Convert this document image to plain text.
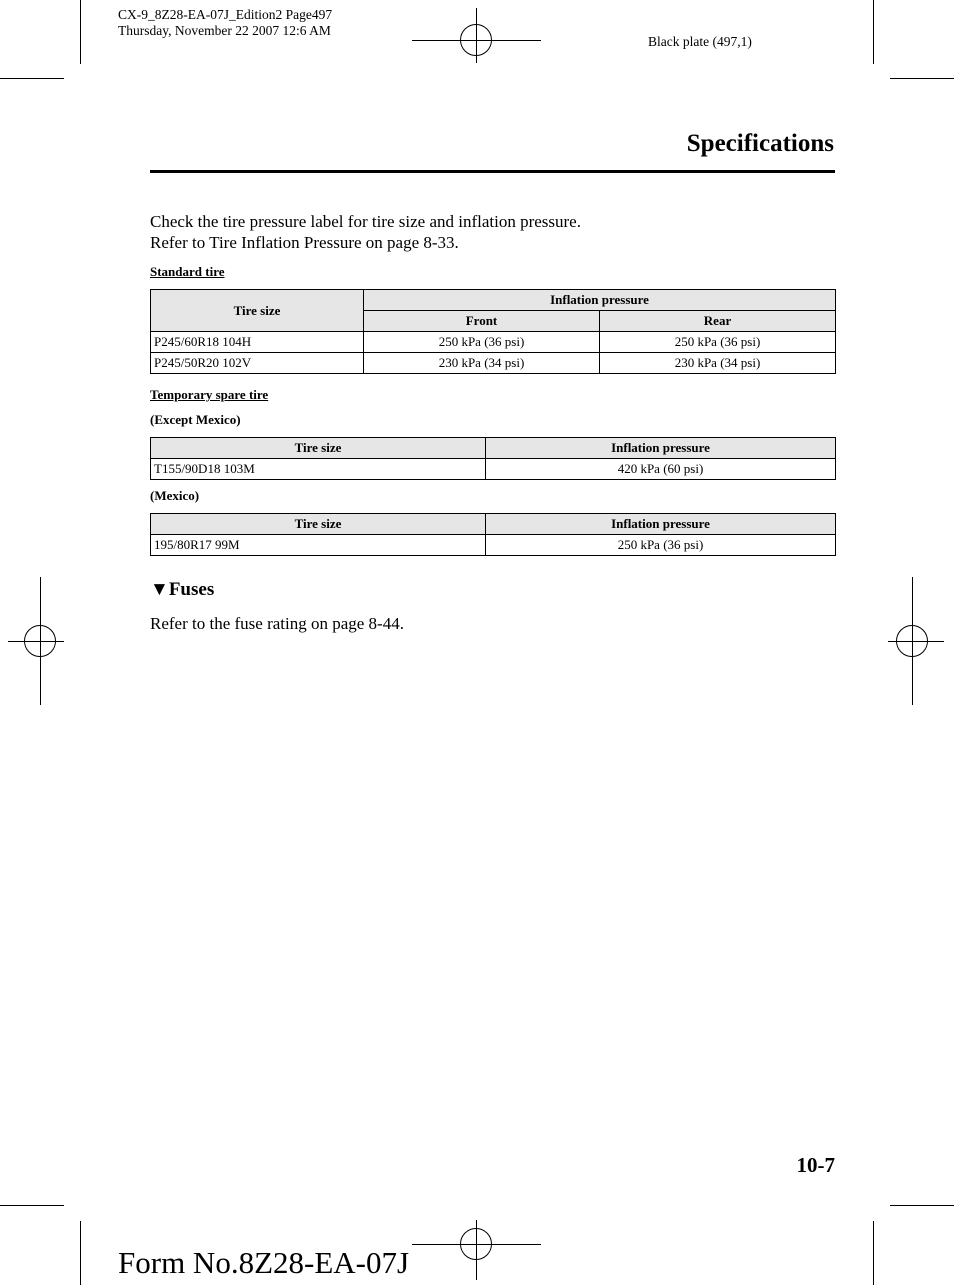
CX-9_8Z28-EA-07J_Edition2 Page497
Thursday, November 22 2007 12:6 AM
Black plate (497,1)
Specifications
Check the tire pressure label for tire size and inflation pressure.
Refer to Tire Inflation Pressure on page 8-33.
Standard tire
Tire size	Inflation pressure	
	Front	Rear
P245/60R18 104H	250 kPa (36 psi)	250 kPa (36 psi)
P245/50R20 102V	230 kPa (34 psi)	230 kPa (34 psi)
Temporary spare tire
(Except Mexico)
Tire size	Inflation pressure
T155/90D18 103M	420 kPa (60 psi)
(Mexico)
Tire size	Inflation pressure
195/80R17 99M	250 kPa (36 psi)
▼Fuses
Refer to the fuse rating on page 8-44.
10-7
Form No.8Z28-EA-07J
